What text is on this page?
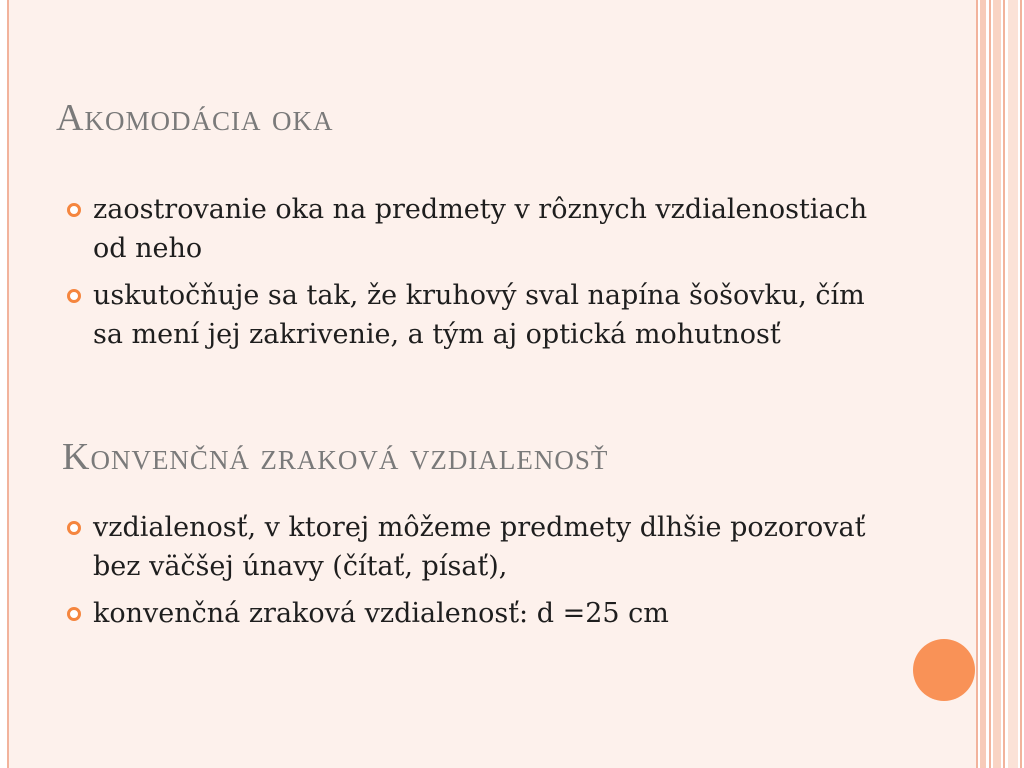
Akomodácia oka
zaostrovanie oka na predmety v rôznych vzdialenostiach od neho
uskutočňuje sa tak, že kruhový sval napína šošovku, čím sa mení jej zakrivenie, a tým aj optická mohutnosť
Konvenčná zraková vzdialenosť
vzdialenosť, v ktorej môžeme predmety dlhšie pozorovať bez väčšej únavy (čítať, písať),
konvenčná zraková vzdialenosť: d =25 cm
